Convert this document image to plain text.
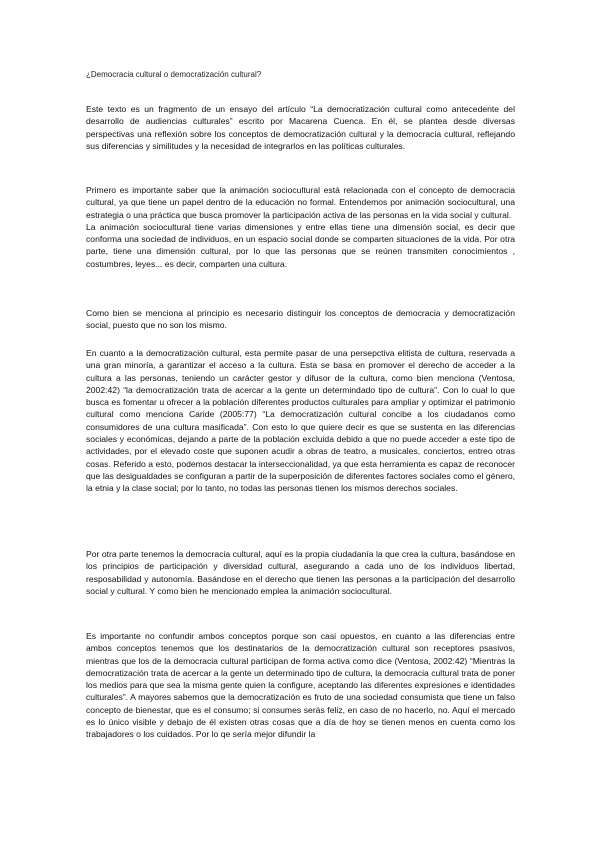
¿Democracia cultural o democratización cultural?

Este texto es un fragmento de un ensayo del artículo “La democratización cultural como antecedente del desarrollo de audiencias culturales” escrito por Macarena Cuenca. En él, se plantea desde diversas perspectivas una reflexión sobre los conceptos de democratización cultural y la democracia cultural, reflejando sus diferencias y similitudes y la necesidad de integrarlos en las políticas culturales.

Primero es importante saber que la animación sociocultural está relacionada con el concepto de democracia cultural, ya que tiene un papel dentro de la educación no formal. Entendemos por animación sociocultural, una estrategia o una práctica que busca promover la participación activa de las personas en la vida social y cultural.
La animación sociocultural tiene varias dimensiones y entre ellas tiene una dimensión social, es decir que conforma una sociedad de individuos, en un espacio social donde se comparten situaciones de la vida. Por otra parte, tiene una dimensión cultural, por lo que las personas que se reúnen transmiten conocimientos , costumbres, leyes... es decir, comparten una cultura.

Como bien se menciona al principio es necesario distinguir los conceptos de democracia y democratización social, puesto que no son los mismo.

En cuanto a la democratización cultural, esta permite pasar de una persepctiva elitista de cultura, reservada a una gran minoría, a garantizar el acceso a la cultura. Esta se basa en promover el derecho de acceder a la cultura a las personas, teniendo un carácter gestor y difusor de la cultura, como bien menciona (Ventosa, 2002:42) “la democratización trata de acercar a la gente un determindado tipo de cultura”. Con lo cual lo que busca es fomentar u ofrecer a la población diferentes productos culturales para ampliar y optimizar el patrimonio cultural como menciona Caride (2005:77) “La democratización cultural concibe a los ciudadanos como consumidores de una cultura masificada”. Con esto lo que quiere decir es que se sustenta en las diferencias sociales y económicas, dejando a parte de la población excluida debido a que no puede acceder a este tipo de actividades, por el elevado coste que suponen acudir a obras de teatro, a musicales, conciertos, entreo otras cosas. Referido a esto, podemos destacar la interseccionalidad, ya que esta herramienta es capaz de reconocer que las desigualdades se configuran a partir de la superposición de diferentes factores sociales como el género, la etnia y la clase social; por lo tanto, no todas las personas tienen los mismos derechos sociales.

Por otra parte tenemos la democracia cultural, aquí es la propia ciudadanía la que crea la cultura, basándose en los principios de participación y diversidad cultural, asegurando a cada uno de los individuos libertad, resposabilidad y autonomía. Basándose en el derecho que tienen las personas a la participación del desarrollo social y cultural. Y como bien he mencionado emplea la animación sociocultural.

Es importante no confundir ambos conceptos porque son casi opuestos, en cuanto a las diferencias entre ambos conceptos tenemos que los destinatarios de la democratización cultural son receptores psasivos, mientras que los de la democracia cultural participan de forma activa como dice (Ventosa, 2002:42) “Mientras la democratización trata de acercar a la gente un determinado tipo de cultura, la democracia cultural trata de poner los medios para que sea la misma gente quien la configure, aceptando las diferentes expresiones e identidades culturales”. A mayores sabemos que la democratización es fruto de una sociedad consumista que tiene un falso concepto de bienestar, que es el consumo; si consumes serás feliz, en caso de no hacerlo, no. Aquí el mercado es lo único visible y debajo de él existen otras cosas que a día de hoy se tienen menos en cuenta como los trabajadores o los cuidados. Por lo qe sería mejor difundir la
